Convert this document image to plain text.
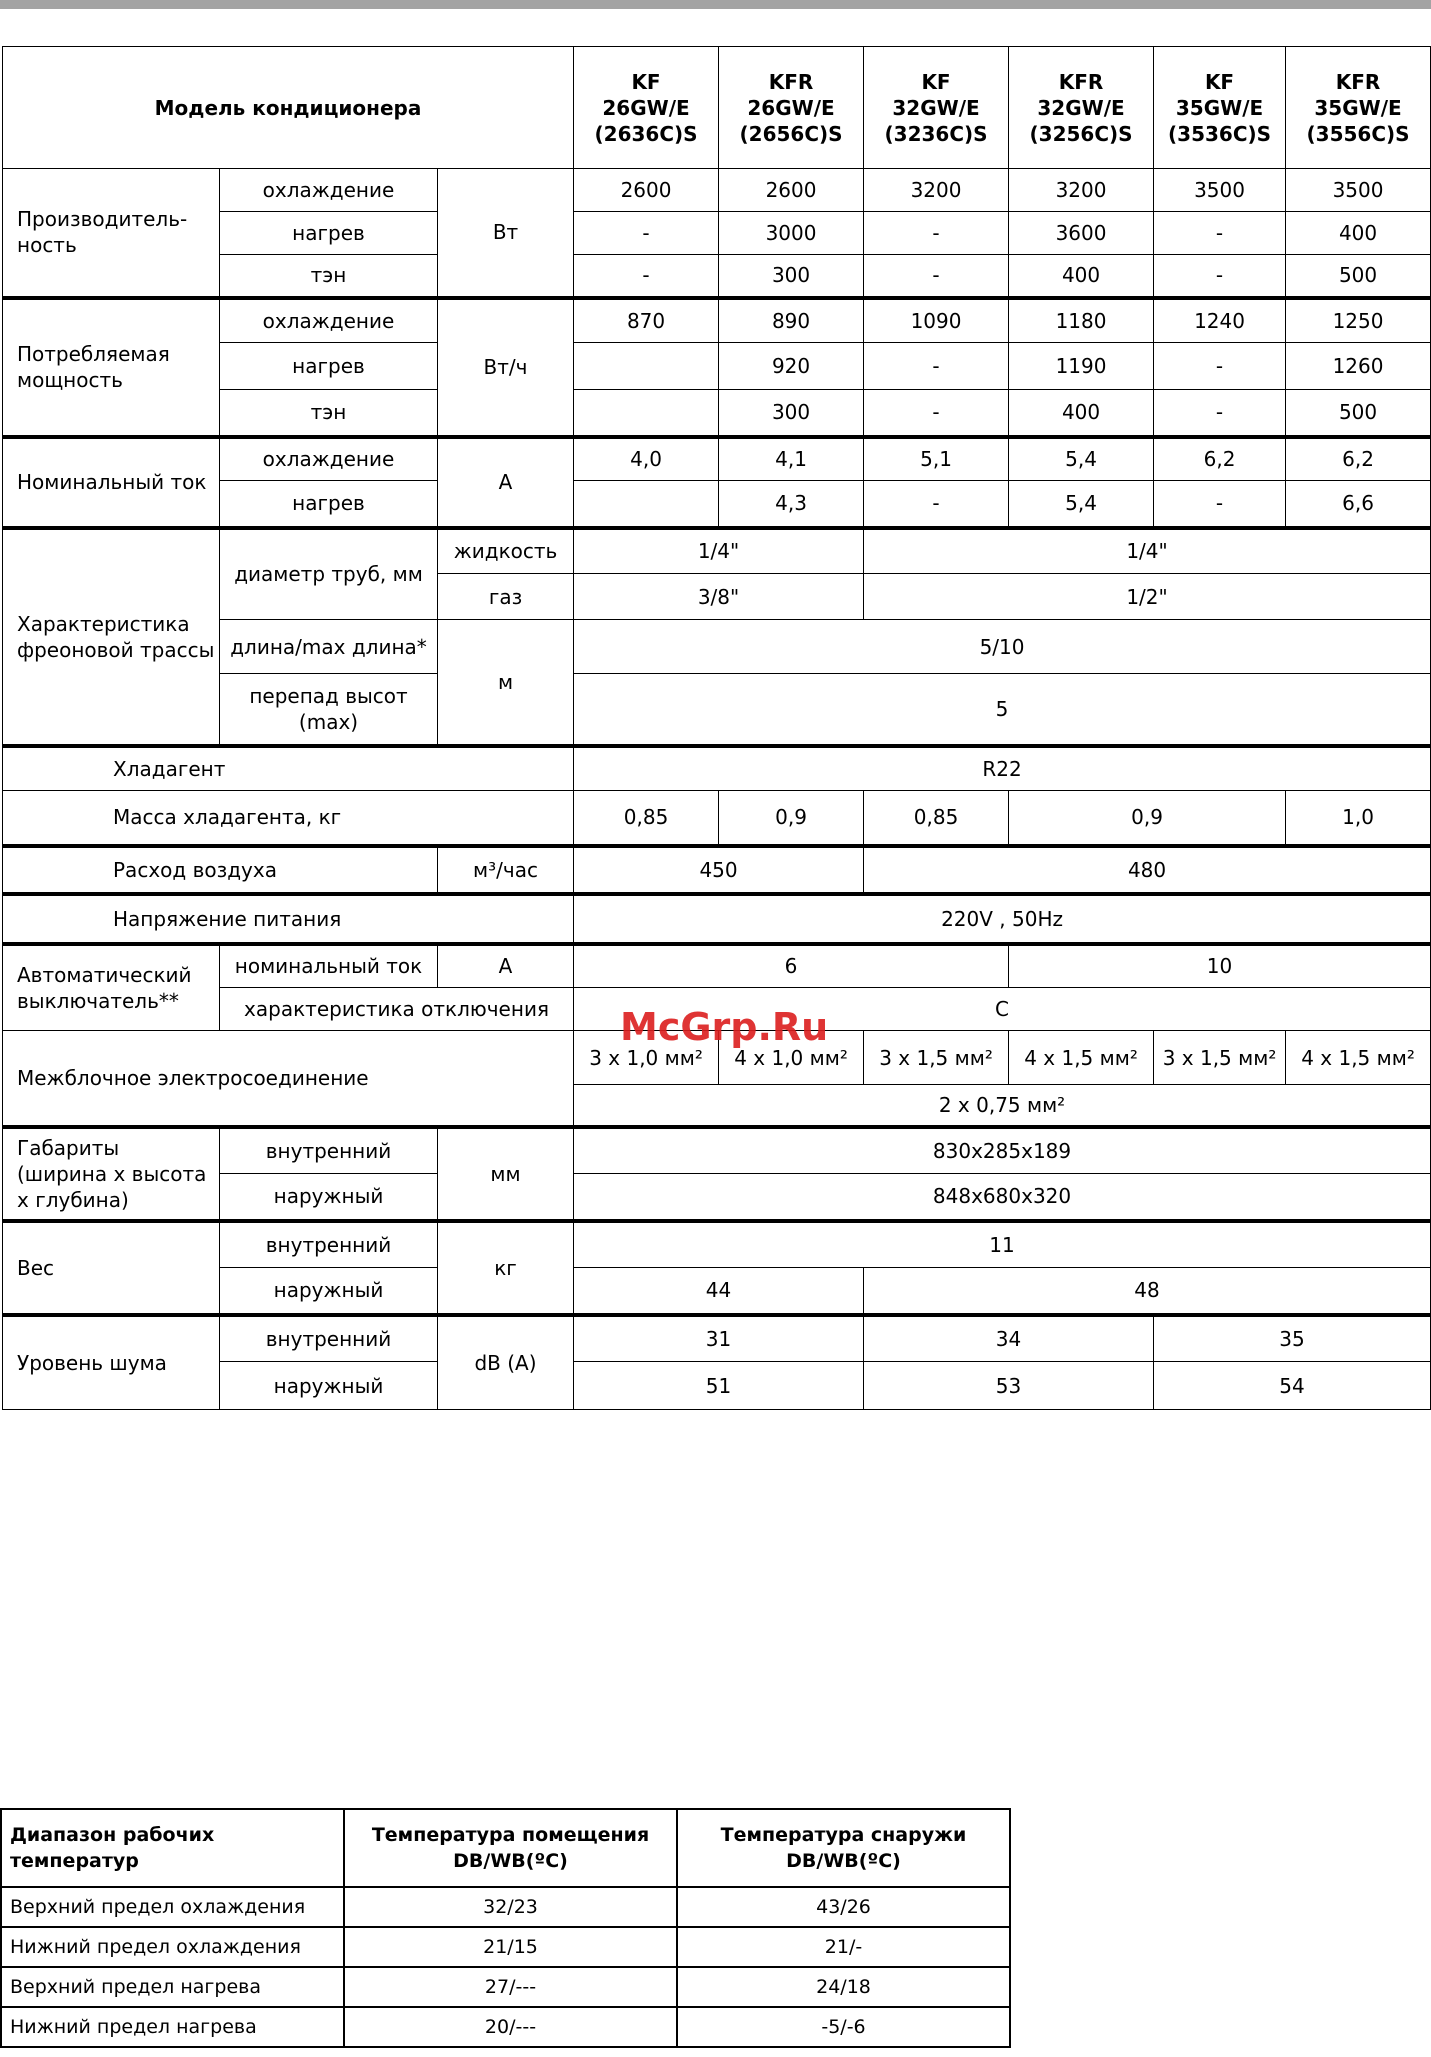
Модель кондиционера			KF
26GW/E
(2636C)S	KFR
26GW/E
(2656C)S	KF
32GW/E
(3236C)S	KFR
32GW/E
(3256C)S	KF
35GW/E
(3536C)S	KFR
35GW/E
(3556C)S
Производитель-ность	охлаждение	Вт	2600	2600	3200	3200	3500	3500
	нагрев		-	3000	-	3600	-	400
	тэн		-	300	-	400	-	500
Потребляемая мощность	охлаждение	Вт/ч	870	890	1090	1180	1240	1250
	нагрев			920	-	1190	-	1260
	тэн			300	-	400	-	500
Номинальный ток	охлаждение	А	4,0	4,1	5,1	5,4	6,2	6,2
	нагрев			4,3	-	5,4	-	6,6
Характеристика фреоновой трассы	диаметр труб, мм	жидкость	1/4"		1/4"			
		газ	3/8"		1/2"			
	длина/max длина*	м	5/10					
	перепад высот (max)		5					
Хладагент			R22					
Масса хладагента, кг			0,85	0,9	0,85	0,9		1,0
Расход воздуха		м³/час	450		480			
Напряжение питания			220V , 50Hz					
Автоматический выключатель**	номинальный ток	А	6			10		
	характеристика отключения		C					
Межблочное электросоединение			3 x 1,0 мм²	4 x 1,0 мм²	3 x 1,5 мм²	4 x 1,5 мм²	3 x 1,5 мм²	4 x 1,5 мм²
			2 x 0,75 мм²					
Габариты (ширина х высота х глубина)	внутренний	мм	830x285x189					
	наружный		848x680x320					
Вес	внутренний	кг	11					
	наружный		44		48			
Уровень шума	внутренний	dB (A)	31		34		35	
	наружный		51		53		54	
McGrp.Ru
Диапазон рабочих температур	Температура помещения DB/WB(ºC)	Температура снаружи DB/WB(ºC)
Верхний предел охлаждения	32/23	43/26
Нижний предел охлаждения	21/15	21/-
Верхний предел нагрева	27/---	24/18
Нижний предел нагрева	20/---	-5/-6
